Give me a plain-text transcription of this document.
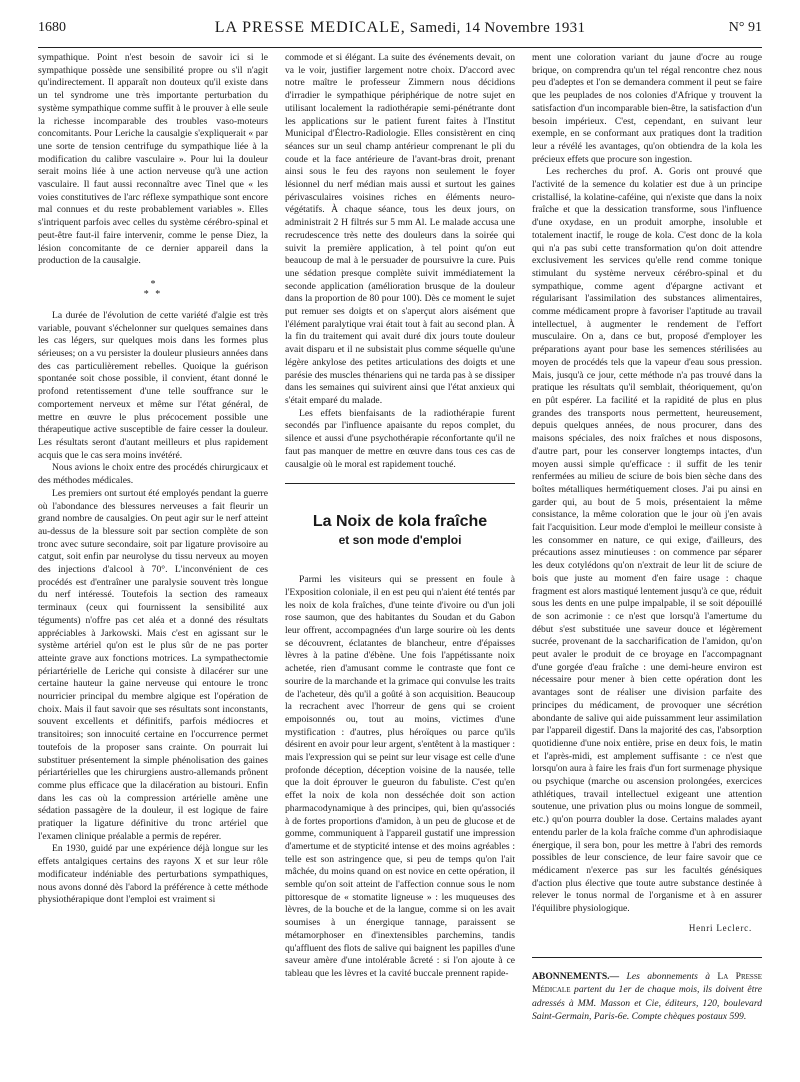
1680	LA PRESSE MEDICALE, Samedi, 14 Novembre 1931	N° 91

sympathique. Point n'est besoin de savoir ici si le sympathique possède une sensibilité propre ou s'il n'agit qu'indirectement. Il apparaît non douteux qu'il existe dans un tel syndrome une très importante perturbation du système sympathique comme suffit à le prouver à elle seule la richesse incomparable des troubles vaso-moteurs concomitants. Pour Leriche la causalgie s'expliquerait « par une sorte de tension centrifuge du sympathique liée à la modification du calibre vasculaire ». Pour lui la douleur serait moins liée à une action nerveuse qu'à une action vasculaire. Il faut aussi reconnaître avec Tinel que « les voies constitutives de l'arc réflexe sympathique sont encore mal connues et du reste probablement variables ». Elles s'intriquent parfois avec celles du système cérébro-spinal et peut-être faut-il faire intervenir, comme le pense Diez, la lésion concomitante de ce dernier appareil dans la production de la causalgie.

*
* *

La durée de l'évolution de cette variété d'algie est très variable, pouvant s'échelonner sur quelques semaines dans les cas légers, sur quelques mois dans les formes plus sérieuses; on a vu persister la douleur plusieurs années dans des cas particulièrement rebelles. Quoique la guérison spontanée soit chose possible, il convient, étant donné le profond retentissement d'une telle souffrance sur le comportement nerveux et même sur l'état général, de mettre en œuvre le plus précocement possible une thérapeutique active susceptible de faire cesser la douleur. Les résultats seront d'autant meilleurs et plus rapidement acquis que le cas sera moins invétéré.

Nous avions le choix entre des procédés chirurgicaux et des méthodes médicales.

Les premiers ont surtout été employés pendant la guerre où l'abondance des blessures nerveuses a fait fleurir un grand nombre de causalgies. On peut agir sur le nerf atteint au-dessus de la blessure soit par section complète de son tronc avec suture secondaire, soit par ligature provisoire au catgut, soit enfin par neurolyse du tissu nerveux au moyen des injections d'alcool à 70°. L'inconvénient de ces procédés est d'entraîner une paralysie souvent très longue du nerf intéressé. Toutefois la section des rameaux terminaux (ceux qui fournissent la sensibilité aux téguments) n'offre pas cet aléa et a donné des résultats appréciables à Jarkowski. Mais c'est en agissant sur le système artériel qu'on est le plus sûr de ne pas porter atteinte grave aux fonctions motrices. La sympathectomie périartérielle de Leriche qui consiste à dilacérer sur une certaine hauteur la gaine nerveuse qui entoure le tronc nourricier principal du membre algique est l'opération de choix. Mais il faut savoir que ses résultats sont inconstants, souvent excellents et définitifs, parfois médiocres et transitoires; son innocuité certaine en l'occurrence permet toutefois de la proposer sans crainte. On pourrait lui substituer présentement la simple phénolisation des gaines périartérielles que les chirurgiens austro-allemands prônent comme plus efficace que la dilacération au bistouri. Enfin dans les cas où la compression artérielle amène une sédation passagère de la douleur, il est logique de faire pratiquer la ligature définitive du tronc artériel que l'examen clinique préalable a permis de repérer.

En 1930, guidé par une expérience déjà longue sur les effets antalgiques certains des rayons X et sur leur rôle modificateur indéniable des perturbations sympathiques, nous avons donné dès l'abord la préférence à cette méthode physiothérapique dont l'emploi est vraiment si

commode et si élégant. La suite des événements devait, on va le voir, justifier largement notre choix. D'accord avec notre maître le professeur Zimmern nous décidions d'irradier le sympathique périphérique de notre sujet en utilisant localement la radiothérapie semi-pénétrante dont les applications sur le patient furent faites à l'Institut Municipal d'Électro-Radiologie. Elles consistèrent en cinq séances sur un seul champ antérieur comprenant le pli du coude et la face antérieure de l'avant-bras droit, prenant ainsi sous le feu des rayons non seulement le foyer lésionnel du nerf médian mais aussi et surtout les gaines périvasculaires voisines riches en éléments neuro-végétatifs. À chaque séance, tous les deux jours, on administrait 2 H filtrés sur 5 mm Al. Le malade accusa une recrudescence très nette des douleurs dans la soirée qui suivit la première application, à tel point qu'on eut beaucoup de mal à le persuader de poursuivre la cure. Puis une sédation presque complète suivit immédiatement la seconde application (amélioration brusque de la douleur dans la proportion de 80 pour 100). Dès ce moment le sujet put remuer ses doigts et on s'aperçut alors aisément que l'élément paralytique vrai était tout à fait au second plan. À la fin du traitement qui avait duré dix jours toute douleur avait disparu et il ne subsistait plus comme séquelle qu'une légère ankylose des petites articulations des doigts et une parésie des muscles thénariens qui ne tarda pas à se dissiper dans les semaines qui suivirent ainsi que l'état anxieux qui s'était emparé du malade.

Les effets bienfaisants de la radiothérapie furent secondés par l'influence apaisante du repos complet, du silence et aussi d'une psychothérapie réconfortante qu'il ne faut pas manquer de mettre en œuvre dans tous ces cas de causalgie où le moral est rapidement touché.

La Noix de kola fraîche
et son mode d'emploi

Parmi les visiteurs qui se pressent en foule à l'Exposition coloniale, il en est peu qui n'aient été tentés par les noix de kola fraîches, d'une teinte d'ivoire ou d'un joli rose saumon, que des habitantes du Soudan et du Gabon leur offrent, accompagnées d'un large sourire où les dents se découvrent, éclatantes de blancheur, entre d'épaisses lèvres à la patine d'ébène. Une fois l'appétissante noix achetée, rien d'amusant comme le contraste que font ce sourire de la marchande et la grimace qui convulse les traits de l'acheteur, dès qu'il a goûté à son acquisition. Beaucoup la recrachent avec l'horreur de gens qui se croient empoisonnés ou, tout au moins, victimes d'une mystification : d'autres, plus héroïques ou parce qu'ils désirent en avoir pour leur argent, s'entêtent à la mastiquer : mais l'expression qui se peint sur leur visage est celle d'une profonde déception, déception voisine de la nausée, telle que la doit éprouver le gueuron du fabuliste. C'est qu'en effet la noix de kola non desséchée doit son action pharmacodynamique à des principes, qui, bien qu'associés à de fortes proportions d'amidon, à un peu de glucose et de gomme, communiquent à l'appareil gustatif une impression d'amertume et de stypticité intense et des moins agréables : telle est son astringence que, si peu de temps qu'on l'ait mâchée, du moins quand on est novice en cette opération, il semble qu'on soit atteint de l'affection connue sous le nom pittoresque de « stomatite ligneuse » : les muqueuses des lèvres, de la bouche et de la langue, comme si on les avait soumises à un énergique tannage, paraissent se métamorphoser en d'inextensibles parchemins, tandis qu'affluent des flots de salive qui baignent les papilles d'une saveur amère d'une intolérable âcreté : si l'on ajoute à ce tableau que les lèvres et la cavité buccale prennent rapide-

ment une coloration variant du jaune d'ocre au rouge brique, on comprendra qu'un tel régal rencontre chez nous peu d'adeptes et l'on se demandera comment il peut se faire que les peuplades de nos colonies d'Afrique y trouvent la satisfaction d'un incomparable bien-être, la satisfaction d'un besoin impérieux. C'est, cependant, en suivant leur exemple, en se conformant aux pratiques dont la tradition leur a révélé les avantages, qu'on obtiendra de la kola les précieux effets que procure son ingestion.

Les recherches du prof. A. Goris ont prouvé que l'activité de la semence du kolatier est due à un principe cristallisé, la kolatine-caféine, qui n'existe que dans la noix fraîche et que la dessication transforme, sous l'influence d'une oxydase, en un produit amorphe, insoluble et totalement inactif, le rouge de kola. C'est donc de la kola qui n'a pas subi cette transformation qu'on doit attendre exclusivement les services qu'elle rend comme tonique stimulant du système nerveux cérébro-spinal et du sympathique, comme agent d'épargne activant et régularisant l'assimilation des substances alimentaires, comme médicament propre à favoriser l'aptitude au travail intellectuel, à augmenter le rendement de l'effort musculaire. On a, dans ce but, proposé d'employer les préparations ayant pour base les semences stérilisées au moyen de procédés tels que la vapeur d'eau sous pression. Mais, jusqu'à ce jour, cette méthode n'a pas trouvé dans la pratique les résultats qu'il semblait, théoriquement, qu'on en pût espérer. La facilité et la rapidité de plus en plus grandes des transports nous permettent, heureusement, depuis quelques années, de nous procurer, dans des maisons spéciales, des noix fraîches et nous disposons, d'autre part, pour les conserver longtemps intactes, d'un moyen aussi simple qu'efficace : il suffit de les tenir renfermées au milieu de sciure de bois bien sèche dans des boîtes métalliques hermétiquement closes. J'ai pu ainsi en garder qui, au bout de 5 mois, présentaient la même consistance, la même coloration que le jour où j'en avais fait l'acquisition. Leur mode d'emploi le meilleur consiste à les consommer en nature, ce qui exige, d'ailleurs, des précautions assez minutieuses : on commence par séparer les deux cotylédons qu'on n'extrait de leur lit de sciure de bois que juste au moment d'en faire usage : chaque fragment est alors mastiqué lentement jusqu'à ce que, réduit sous les dents en une pulpe impalpable, il se soit dépouillé de son acrimonie : ce n'est que lorsqu'à l'amertume du début s'est substituée une saveur douce et légèrement sucrée, provenant de la saccharification de l'amidon, qu'on peut avaler le produit de ce broyage en l'accompagnant d'une gorgée d'eau fraîche : une demi-heure environ est nécessaire pour mener à bien cette opération dont les avantages sont de réaliser une division parfaite des principes du médicament, de provoquer une sécrétion abondante de salive qui aide puissamment leur assimilation par l'appareil digestif. Dans la majorité des cas, l'absorption quotidienne d'une noix entière, prise en deux fois, le matin et l'après-midi, est amplement suffisante : ce n'est que lorsqu'on aura à faire les frais d'un fort surmenage physique ou psychique (marche ou ascension prolongées, exercices athlétiques, travail intellectuel exigeant une attention soutenue, une privation plus ou moins longue de sommeil, etc.) qu'on pourra doubler la dose. Certains malades ayant entendu parler de la kola fraîche comme d'un aphrodisiaque énergique, il sera bon, pour les mettre à l'abri des remords possibles de leur conscience, de leur faire savoir que ce médicament n'exerce pas sur les facultés génésiques d'action plus élective que toute autre substance destinée à relever le tonus normal de l'organisme et à en assurer l'équilibre physiologique.

Henri Leclerc.
ABONNEMENTS.— Les abonnements à La Presse Médicale partent du 1er de chaque mois, ils doivent être adressés à MM. Masson et Cie, éditeurs, 120, boulevard Saint-Germain, Paris-6e. Compte chèques postaux 599.
